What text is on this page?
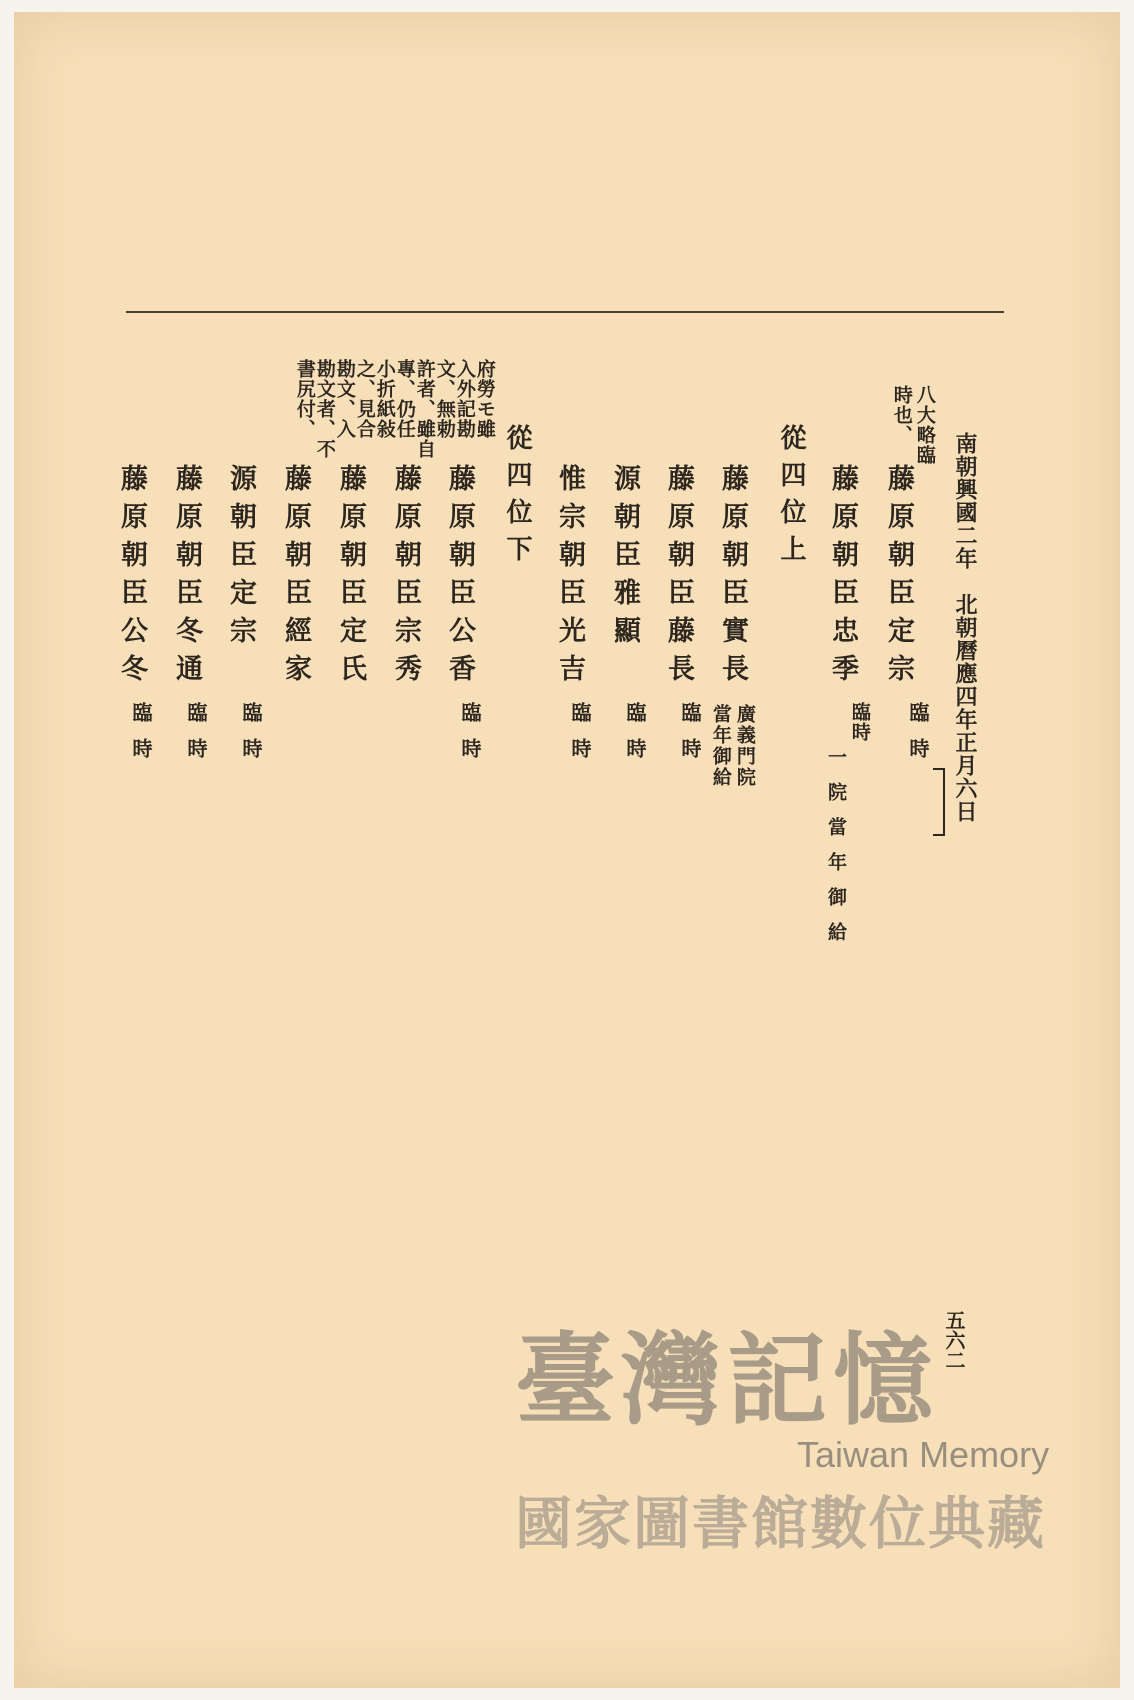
南朝興國二年　北朝曆應四年正月六日
八大略臨
時也、
藤原朝臣定宗
臨時
藤原朝臣忠季
臨時
一院當年御給
從四位上
藤原朝臣實長
廣義門院
當年御給
藤原朝臣藤長
臨時
源朝臣雅顯
臨時
惟宗朝臣光吉
臨時
從四位下
府勞モ雖
入外記勘
文、無勅
許者、雖自
專、仍任
小折紙敍
之、見合
勘文、入
勘文者、不
書尻付、
藤原朝臣公香
臨時
藤原朝臣宗秀
藤原朝臣定氏
藤原朝臣經家
源朝臣定宗
臨時
藤原朝臣冬通
臨時
藤原朝臣公冬
臨時
五六二
臺灣記憶
Taiwan Memory
國家圖書館數位典藏
